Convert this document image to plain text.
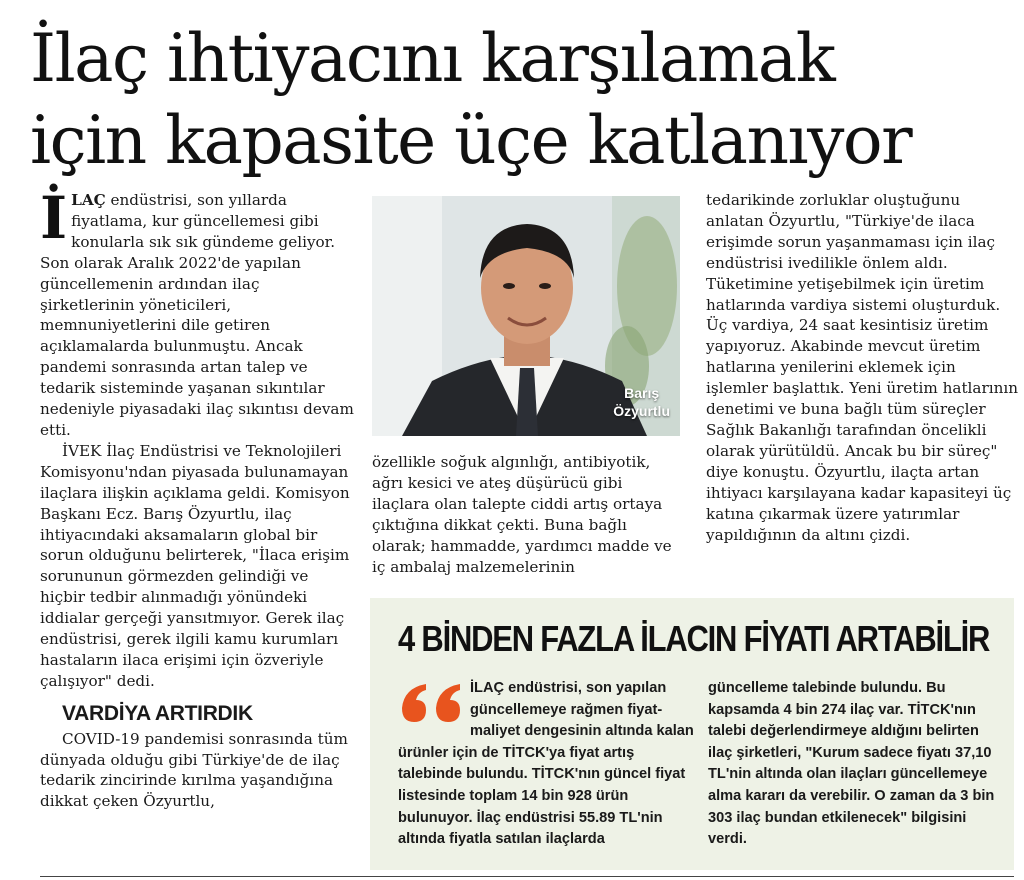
İlaç ihtiyacını karşılamak
için kapasite üçe katlanıyor

İLAÇ endüstrisi, son yıllarda fiyatlama, kur güncellemesi gibi konularla sık sık gündeme geliyor. Son olarak Aralık 2022'de yapılan güncellemenin ardından ilaç şirketlerinin yöneticileri, memnuniyetlerini dile getiren açıklamalarda bulunmuştu. Ancak pandemi sonrasında artan talep ve tedarik sisteminde yaşanan sıkıntılar nedeniyle piyasadaki ilaç sıkıntısı devam etti.

İVEK İlaç Endüstrisi ve Teknolojileri Komisyonu'ndan piyasada bulunamayan ilaçlara ilişkin açıklama geldi. Komisyon Başkanı Ecz. Barış Özyurtlu, ilaç ihtiyacındaki aksamaların global bir sorun olduğunu belirterek, "İlaca erişim sorununun görmezden gelindiği ve hiçbir tedbir alınmadığı yönündeki iddialar gerçeği yansıtmıyor. Gerek ilaç endüstrisi, gerek ilgili kamu kurumları hastaların ilaca erişimi için özveriyle çalışıyor" dedi.

VARDİYA ARTIRDIK

COVID-19 pandemisi sonrasında tüm dünyada olduğu gibi Türkiye'de de ilaç tedarik zincirinde kırılma yaşandığına dikkat çeken Özyurtlu,

Barış
Özyurtlu

özellikle soğuk algınlığı, antibiyotik, ağrı kesici ve ateş düşürücü gibi ilaçlara olan talepte ciddi artış ortaya çıktığına dikkat çekti. Buna bağlı olarak; hammadde, yardımcı madde ve iç ambalaj malzemelerinin

tedarikinde zorluklar oluştuğunu anlatan Özyurtlu, "Türkiye'de ilaca erişimde sorun yaşanmaması için ilaç endüstrisi ivedilikle önlem aldı. Tüketimine yetişebilmek için üretim hatlarında vardiya sistemi oluşturduk. Üç vardiya, 24 saat kesintisiz üretim yapıyoruz. Akabinde mevcut üretim hatlarına yenilerini eklemek için işlemler başlattık. Yeni üretim hatlarının denetimi ve buna bağlı tüm süreçler Sağlık Bakanlığı tarafından öncelikli olarak yürütüldü. Ancak bu bir süreç" diye konuştu. Özyurtlu, ilaçta artan ihtiyacı karşılayana kadar kapasiteyi üç katına çıkarmak üzere yatırımlar yapıldığının da altını çizdi.

4 BİNDEN FAZLA İLACIN FİYATI ARTABİLİR
İLAÇ endüstrisi, son yapılan güncellemeye rağmen fiyat-maliyet dengesinin altında kalan ürünler için de TİTCK'ya fiyat artış talebinde bulundu. TİTCK'nın güncel fiyat listesinde toplam 14 bin 928 ürün bulunuyor. İlaç endüstrisi 55.89 TL'nin altında fiyatla satılan ilaçlarda
güncelleme talebinde bulundu. Bu kapsamda 4 bin 274 ilaç var. TİTCK'nın talebi değerlendirmeye aldığını belirten ilaç şirketleri, "Kurum sadece fiyatı 37,10 TL'nin altında olan ilaçları güncellemeye alma kararı da verebilir. O zaman da 3 bin 303 ilaç bundan etkilenecek" bilgisini verdi.
